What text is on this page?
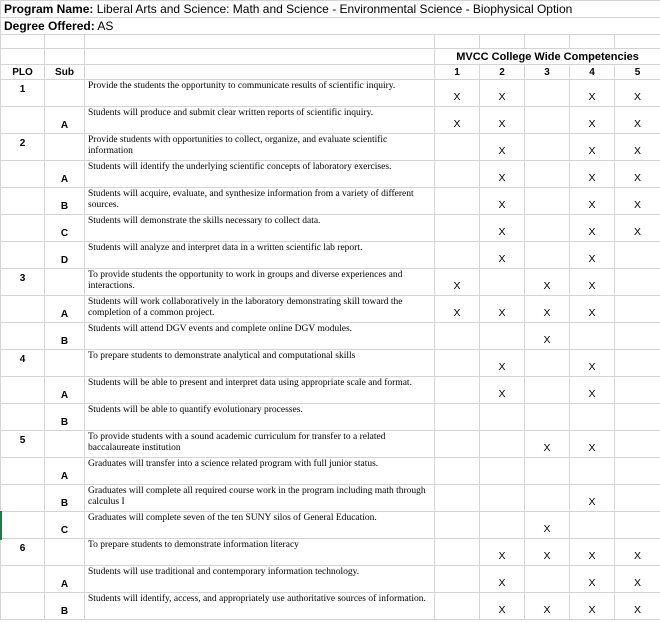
Program Name: Liberal Arts and Science: Math and Science - Environmental Science - Biophysical Option							
Degree Offered: AS							

			MVCC College Wide Competencies				
PLO	Sub		1	2	3	4	5
1		Provide the students the opportunity to communicate results of scientific inquiry.	X	X		X	X
	A	Students will produce and submit clear written reports of scientific inquiry.	X	X		X	X
2		Provide students with opportunities to collect, organize, and evaluate scientific information		X		X	X
	A	Students will identify the underlying scientific concepts of laboratory exercises.		X		X	X
	B	Students will acquire, evaluate, and synthesize information from a variety of different sources.		X		X	X
	C	Students will demonstrate the skills necessary to collect data.		X		X	X
	D	Students will analyze and interpret data in a written scientific lab report.		X		X	
3		To provide students the opportunity to work in groups and diverse experiences and interactions.	X		X	X	
	A	Students will work collaboratively in the laboratory demonstrating skill toward the completion of a common project.	X	X	X	X	
	B	Students will attend DGV events and complete online DGV modules.			X		
4		To prepare students to demonstrate analytical and computational skills		X		X	
	A	Students will be able to present and interpret data using appropriate scale and format.		X		X	
	B	Students will be able to quantify evolutionary processes.					
5		To provide students with a sound academic curriculum for transfer to a related baccalaureate institution			X	X	
	A	Graduates will transfer into a science related program with full junior status.					
	B	Graduates will complete all required course work in the program including math through calculus I				X	
	C	Graduates will complete seven of the ten SUNY silos of General Education.			X		
6		To prepare students to demonstrate information literacy		X	X	X	X
	A	Students will use traditional and contemporary information technology.		X		X	X
	B	Students will identify, access, and appropriately use authoritative sources of information.		X	X	X	X
